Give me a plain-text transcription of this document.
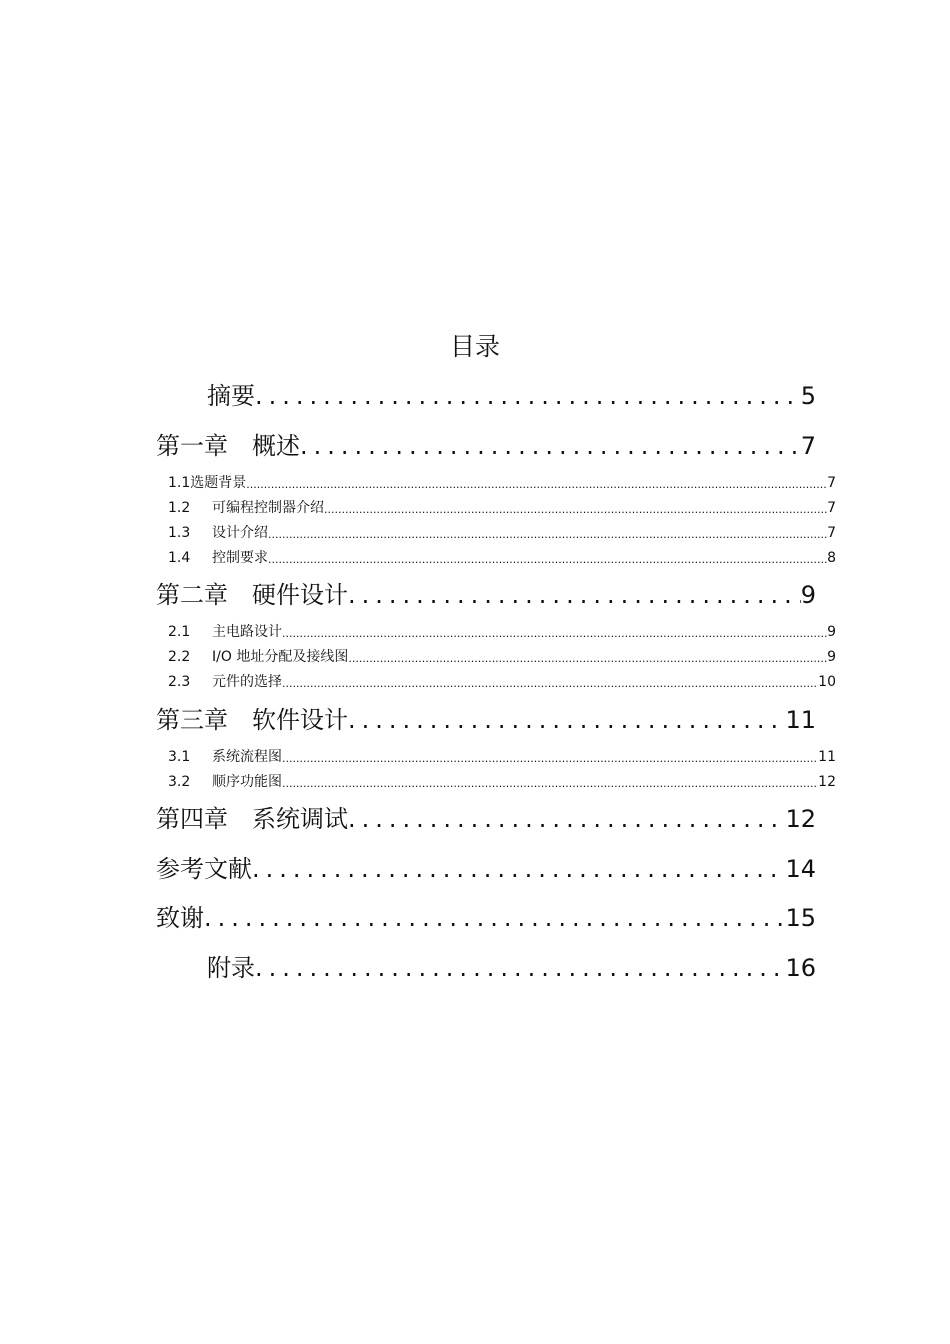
目录
摘要 .....	5
第一章　概述 .....	7
1.1选题背景 .....	7
1.2 可编程控制器介绍 .....	7
1.3 设计介绍 .....	7
1.4 控制要求 .....	8
第二章　硬件设计 .....	9
2.1 主电路设计 .....	9
2.2 I/O 地址分配及接线图 .....	9
2.3 元件的选择 .....	10
第三章　软件设计 .....	11
3.1 系统流程图 .....	11
3.2 顺序功能图 .....	12
第四章　系统调试 .....	12
参考文献 .....	14
致谢 .....	15
附录 .....	16
